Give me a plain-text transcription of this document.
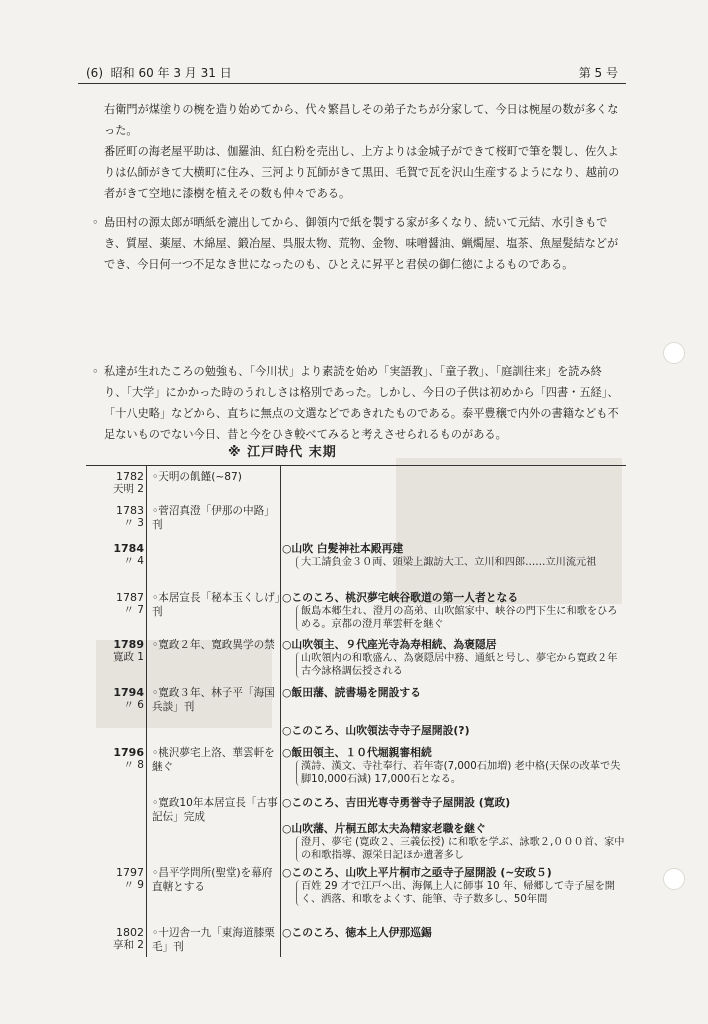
(6) 昭和 60 年 3 月 31 日	第 5 号

右衛門が煤塗りの椀を造り始めてから、代々繁昌しその弟子たちが分家して、今日は椀屋の数が多くなった。

番匠町の海老屋平助は、伽羅油、紅白粉を売出し、上方よりは金城子ができて桜町で筆を製し、佐久よりは仏師がきて大横町に住み、三河より瓦師がきて黒田、毛賀で瓦を沢山生産するようになり、越前の者がきて空地に漆樹を植えその数も仲々である。

◦ 島田村の源太郎が晒紙を漉出してから、御領内で紙を製する家が多くなり、続いて元結、水引きもでき、質屋、薬屋、木綿屋、鍛冶屋、呉服太物、荒物、金物、味噌醤油、蝋燭屋、塩茶、魚屋髪結などができ、今日何一つ不足なき世になったのも、ひとえに昇平と君侯の御仁徳によるものである。

◦ 私達が生れたころの勉強も、「今川状」より素読を始め「実語教」、「童子教」、「庭訓往来」を読み終り、「大学」にかかった時のうれしさは格別であった。しかし、今日の子供は初めから「四書・五経」、「十八史略」などから、直ちに無点の文選などであきれたものである。泰平豊穣で内外の書籍なども不足ないものでない今日、昔と今をひき較べてみると考えさせられるものがある。

※ 江戸時代 末期
1782
天明 2
◦天明の飢饉(~87)
1783
〃 3
◦菅沼真澄「伊那の中路」刊
1784
〃 4
○山吹 白髪神社本殿再建
大工請負金３０両、頭梁上諏訪大工、立川和四郎……立川流元祖
1787
〃 7
◦本居宣長「秘本玉くしげ」刊
○このころ、桃沢夢宅峡谷歌道の第一人者となる
飯島本郷生れ、澄月の高弟、山吹館家中、峡谷の門下生に和歌をひろめる。京都の澄月華雲軒を継ぐ
1789
寛政 1
◦寛政２年、寛政異学の禁 ○山吹領主、９代座光寺為寿相続、為褒隠居
山吹領内の和歌盛ん、為褒隠居中務、通紙と号し、夢宅から寛政２年古今詠格調伝授される
1794
〃 6
◦寛政３年、林子平「海国兵談」刊
○飯田藩、読書場を開設する
○このころ、山吹領法寺寺子屋開設(?)
1796
〃 8
◦桃沢夢宅上洛、華雲軒を継ぐ
○飯田領主、１０代堀親審相続
漢詩、漢文、寺社奉行、若年寄(7,000石加増) 老中格(天保の改革で失脚10,000石減) 17,000石となる。
◦寛政10年本居宣長「古事記伝」完成
○このころ、吉田光専寺勇誉寺子屋開設 (寛政)
○山吹藩、片桐五郎太夫為精家老職を継ぐ
澄月、夢宅 (寛政２、三義伝授) に和歌を学ぶ、詠歌２,０００首、家中の和歌指導、源栄日記ほか遺著多し
1797
〃 9
◦昌平学問所(聖堂)を幕府直轄とする
○このころ、山吹上平片桐市之亟寺子屋開設 (~安政５)
百姓 29 才で江戸へ出、海佩上人に師事 10 年、帰郷して寺子屋を開く、洒落、和歌をよくす、能筆、寺子数多し、50年間
1802
享和 2
◦十辺舎一九「東海道膝栗毛」刊
○このころ、徳本上人伊那巡錫
